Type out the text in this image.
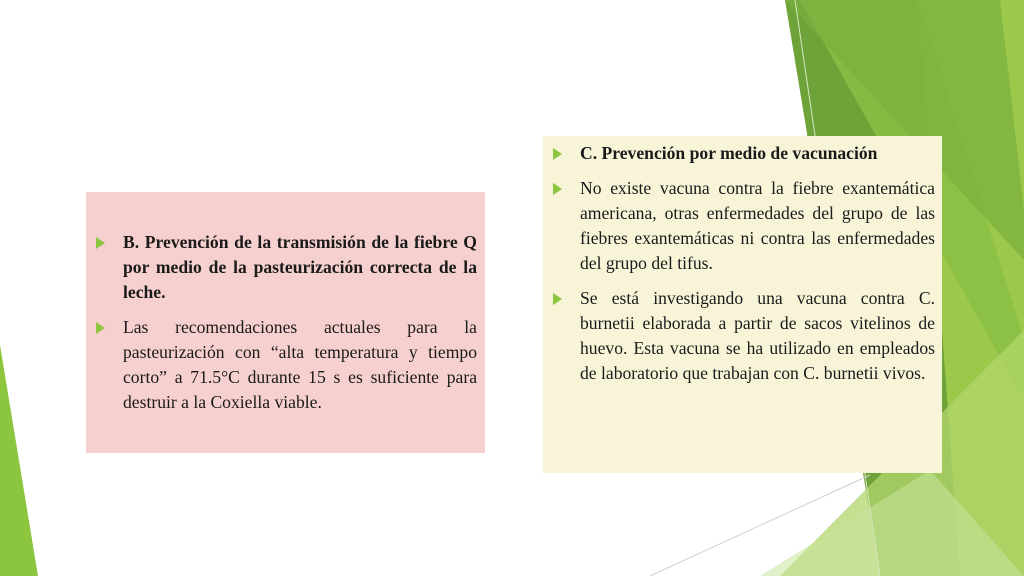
B. Prevención de la transmisión de la fiebre Q por medio de la pasteurización correcta de la leche.
Las recomendaciones actuales para la pasteurización con “alta temperatura y tiempo corto” a 71.5°C durante 15 s es suficiente para destruir a la Coxiella viable.
C. Prevención por medio de vacunación
No existe vacuna contra la fiebre exantemática americana, otras enfermedades del grupo de las fiebres exantemáticas ni contra las enfermedades del grupo del tifus.
Se está investigando una vacuna contra C. burnetii elaborada a partir de sacos vitelinos de huevo. Esta vacuna se ha utilizado en empleados de laboratorio que trabajan con C. burnetii vivos.
